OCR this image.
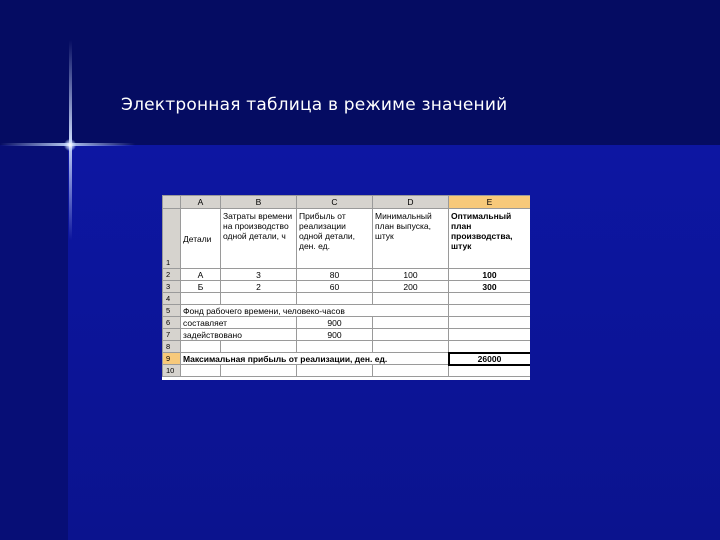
Электронная таблица в режиме значений
	A	B	C	D	E
1	Детали	Затраты времени на производство одной детали, ч	Прибыль от реализации одной детали, ден. ед.	Минимальный план выпуска, штук	Оптимальный план производства, штук
2	А	3	80	100	100
3	Б	2	60	200	300
4					
5	Фонд рабочего времени, человеко-часов				
6	составляет		900		
7	задействовано		900		
8					
9	Максимальная прибыль от реализации, ден. ед.				26000
10					
